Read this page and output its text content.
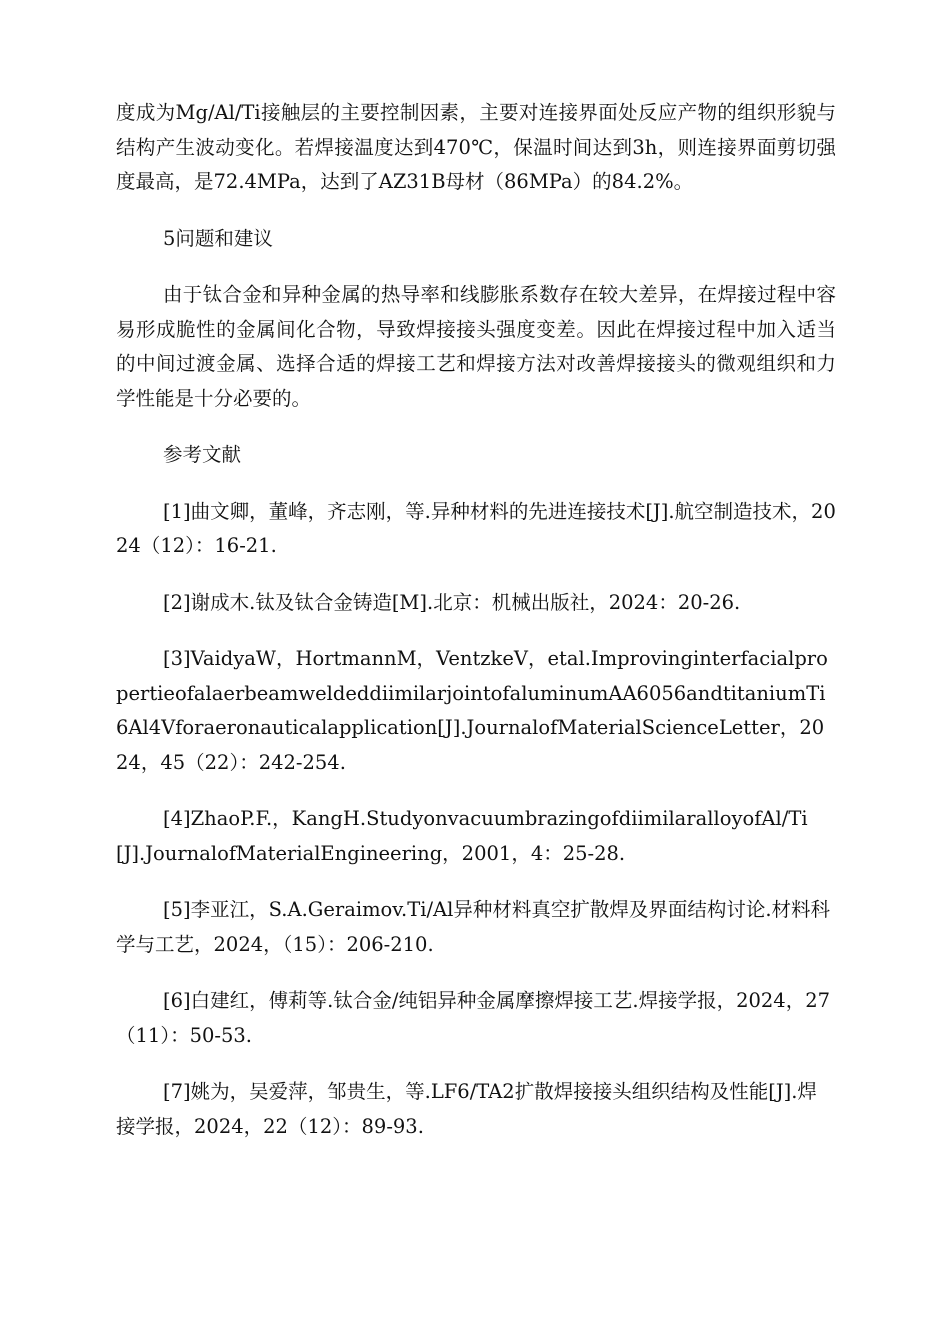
度成为Mg/Al/Ti接触层的主要控制因素，主要对连接界面处反应产物的组织形貌与结构产生波动变化。若焊接温度达到470℃，保温时间达到3h，则连接界面剪切强度最高，是72.4MPa，达到了AZ31B母材（86MPa）的84.2%。

5问题和建议

由于钛合金和异种金属的热导率和线膨胀系数存在较大差异，在焊接过程中容易形成脆性的金属间化合物，导致焊接接头强度变差。因此在焊接过程中加入适当的中间过渡金属、选择合适的焊接工艺和焊接方法对改善焊接接头的微观组织和力学性能是十分必要的。

参考文献

[1]曲文卿，董峰，齐志刚，等.异种材料的先进连接技术[J].航空制造技术，2024（12）：16-21.
[2]谢成木.钛及钛合金铸造[M].北京：机械出版社，2024：20-26.
[3]VaidyaW，HortmannM，VentzkeV，etal.ImprovinginterfacialpropertieofalaerbeamweldeddiimilarjointofaluminumAA6056andtitaniumTi6Al4Vforaeronauticalapplication[J].JournalofMaterialScienceLetter，2024，45（22）：242-254.
[4]ZhaoP.F.，KangH.StudyonvacuumbrazingofdiimilaralloyofAl/Ti[J].JournalofMaterialEngineering，2001，4：25-28.
[5]李亚江，S.A.Geraimov.Ti/Al异种材料真空扩散焊及界面结构讨论.材料科学与工艺，2024，（15）：206-210.
[6]白建红，傅莉等.钛合金/纯铝异种金属摩擦焊接工艺.焊接学报，2024，27（11）：50-53.
[7]姚为，吴爱萍，邹贵生，等.LF6/TA2扩散焊接接头组织结构及性能[J].焊接学报，2024，22（12）：89-93.
